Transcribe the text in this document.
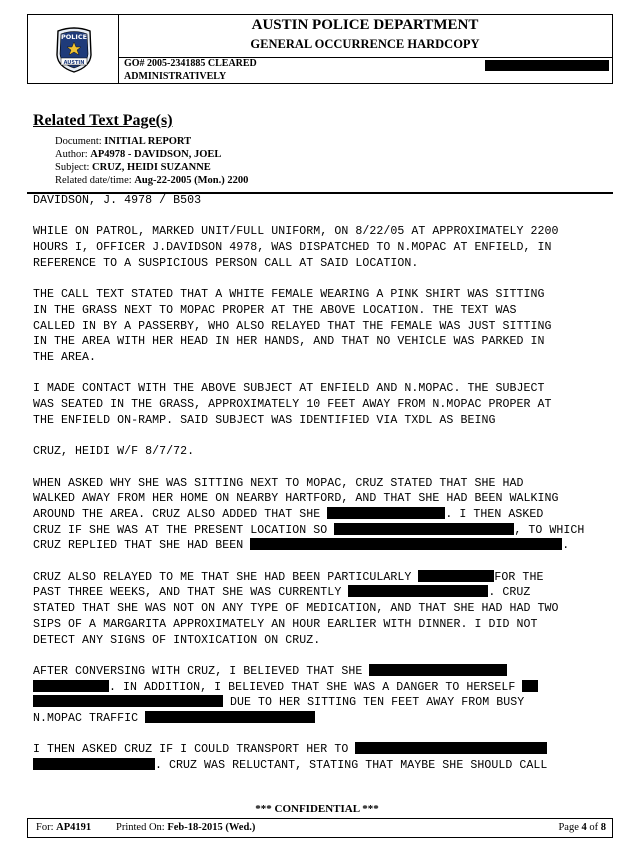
POLICE
AUSTIN
AUSTIN POLICE DEPARTMENT
GENERAL OCCURRENCE HARDCOPY
GO# 2005-2341885 CLEARED
ADMINISTRATIVELY
Related Text Page(s)
Document: INITIAL REPORT
Author: AP4978 - DAVIDSON, JOEL
Subject: CRUZ, HEIDI SUZANNE
Related date/time: Aug-22-2005 (Mon.) 2200

DAVIDSON, J. 4978 / B503

WHILE ON PATROL, MARKED UNIT/FULL UNIFORM, ON 8/22/05 AT APPROXIMATELY 2200
HOURS I, OFFICER J.DAVIDSON 4978, WAS DISPATCHED TO N.MOPAC AT ENFIELD, IN
REFERENCE TO A SUSPICIOUS PERSON CALL AT SAID LOCATION.

THE CALL TEXT STATED THAT A WHITE FEMALE WEARING A PINK SHIRT WAS SITTING
IN THE GRASS NEXT TO MOPAC PROPER AT THE ABOVE LOCATION. THE TEXT WAS
CALLED IN BY A PASSERBY, WHO ALSO RELAYED THAT THE FEMALE WAS JUST SITTING
IN THE AREA WITH HER HEAD IN HER HANDS, AND THAT NO VEHICLE WAS PARKED IN
THE AREA.

I MADE CONTACT WITH THE ABOVE SUBJECT AT ENFIELD AND N.MOPAC. THE SUBJECT
WAS SEATED IN THE GRASS, APPROXIMATELY 10 FEET AWAY FROM N.MOPAC PROPER AT
THE ENFIELD ON-RAMP. SAID SUBJECT WAS IDENTIFIED VIA TXDL AS BEING

CRUZ, HEIDI W/F 8/7/72.

WHEN ASKED WHY SHE WAS SITTING NEXT TO MOPAC, CRUZ STATED THAT SHE HAD
WALKED AWAY FROM HER HOME ON NEARBY HARTFORD, AND THAT SHE HAD BEEN WALKING
AROUND THE AREA. CRUZ ALSO ADDED THAT SHE	. I THEN ASKED
CRUZ IF SHE WAS AT THE PRESENT LOCATION SO	, TO WHICH
CRUZ REPLIED THAT SHE HAD BEEN	.

CRUZ ALSO RELAYED TO ME THAT SHE HAD BEEN PARTICULARLY	FOR THE
PAST THREE WEEKS, AND THAT SHE WAS CURRENTLY	. CRUZ
STATED THAT SHE WAS NOT ON ANY TYPE OF MEDICATION, AND THAT SHE HAD HAD TWO
SIPS OF A MARGARITA APPROXIMATELY AN HOUR EARLIER WITH DINNER. I DID NOT
DETECT ANY SIGNS OF INTOXICATION ON CRUZ.

AFTER CONVERSING WITH CRUZ, I BELIEVED THAT SHE
. IN ADDITION, I BELIEVED THAT SHE WAS A DANGER TO HERSELF
DUE TO HER SITTING TEN FEET AWAY FROM BUSY
N.MOPAC TRAFFIC

I THEN ASKED CRUZ IF I COULD TRANSPORT HER TO
. CRUZ WAS RELUCTANT, STATING THAT MAYBE SHE SHOULD CALL

*** CONFIDENTIAL ***
For: AP4191 Printed On: Feb-18-2015 (Wed.)	Page 4 of 8
